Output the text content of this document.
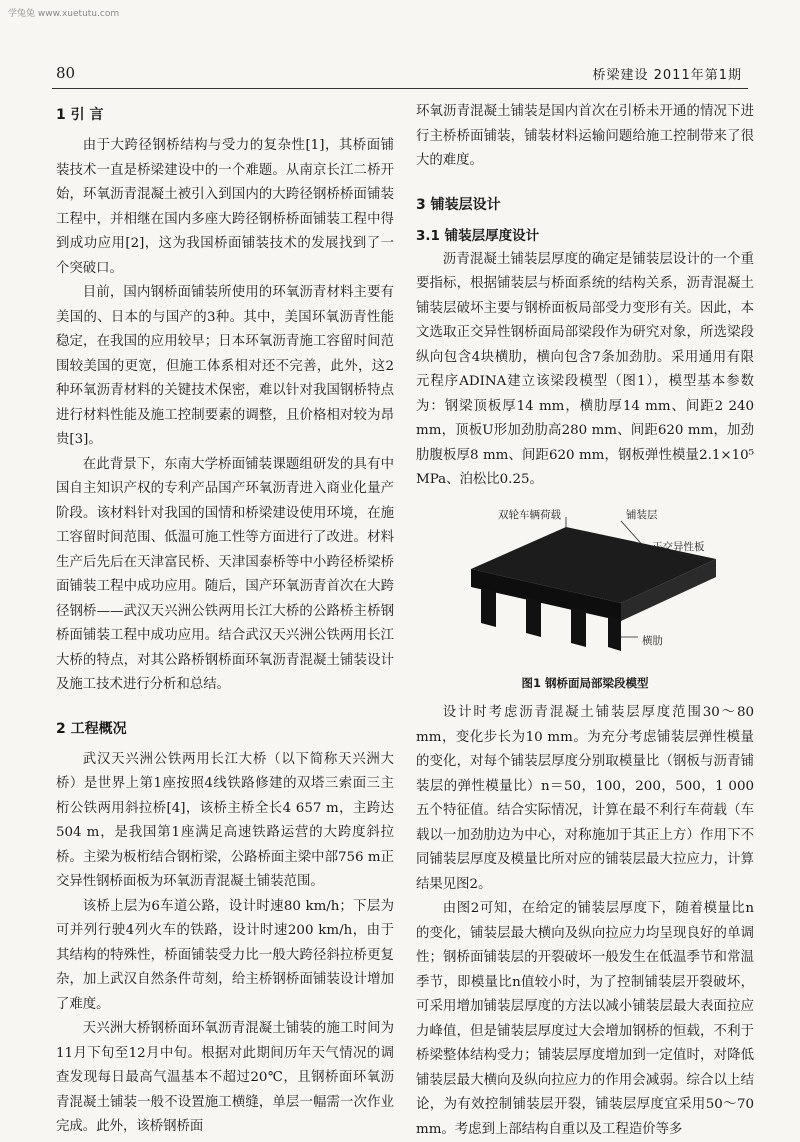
学兔兔 www.xuetutu.com
80	桥梁建设 2011年第1期
1 引 言

由于大跨径钢桥结构与受力的复杂性[1]，其桥面铺装技术一直是桥梁建设中的一个难题。从南京长江二桥开始，环氧沥青混凝土被引入到国内的大跨径钢桥桥面铺装工程中，并相继在国内多座大跨径钢桥桥面铺装工程中得到成功应用[2]，这为我国桥面铺装技术的发展找到了一个突破口。

目前，国内钢桥面铺装所使用的环氧沥青材料主要有美国的、日本的与国产的3种。其中，美国环氧沥青性能稳定，在我国的应用较早；日本环氧沥青施工容留时间范围较美国的更宽，但施工体系相对还不完善，此外，这2种环氧沥青材料的关键技术保密，难以针对我国钢桥特点进行材料性能及施工控制要素的调整，且价格相对较为昂贵[3]。

在此背景下，东南大学桥面铺装课题组研发的具有中国自主知识产权的专利产品国产环氧沥青进入商业化量产阶段。该材料针对我国的国情和桥梁建设使用环境，在施工容留时间范围、低温可施工性等方面进行了改进。材料生产后先后在天津富民桥、天津国泰桥等中小跨径桥梁桥面铺装工程中成功应用。随后，国产环氧沥青首次在大跨径钢桥——武汉天兴洲公铁两用长江大桥的公路桥主桥钢桥面铺装工程中成功应用。结合武汉天兴洲公铁两用长江大桥的特点，对其公路桥钢桥面环氧沥青混凝土铺装设计及施工技术进行分析和总结。

2 工程概况

武汉天兴洲公铁两用长江大桥（以下简称天兴洲大桥）是世界上第1座按照4线铁路修建的双塔三索面三主桁公铁两用斜拉桥[4]，该桥主桥全长4 657 m，主跨达504 m，是我国第1座满足高速铁路运营的大跨度斜拉桥。主梁为板桁结合钢桁梁，公路桥面主梁中部756 m正交异性钢桥面板为环氧沥青混凝土铺装范围。

该桥上层为6车道公路，设计时速80 km/h；下层为可并列行驶4列火车的铁路，设计时速200 km/h，由于其结构的特殊性，桥面铺装受力比一般大跨径斜拉桥更复杂，加上武汉自然条件苛刻，给主桥钢桥面铺装设计增加了难度。

天兴洲大桥钢桥面环氧沥青混凝土铺装的施工时间为11月下旬至12月中旬。根据对此期间历年天气情况的调查发现每日最高气温基本不超过20℃，且钢桥面环氧沥青混凝土铺装一般不设置施工横缝，单层一幅需一次作业完成。此外，该桥钢桥面

环氧沥青混凝土铺装是国内首次在引桥未开通的情况下进行主桥桥面铺装，铺装材料运输问题给施工控制带来了很大的难度。

3 铺装层设计
3.1 铺装层厚度设计

沥青混凝土铺装层厚度的确定是铺装层设计的一个重要指标，根据铺装层与桥面系统的结构关系，沥青混凝土铺装层破坏主要与钢桥面板局部受力变形有关。因此，本文选取正交异性钢桥面局部梁段作为研究对象，所选梁段纵向包含4块横肋，横向包含7条加劲肋。采用通用有限元程序ADINA建立该梁段模型（图1），模型基本参数为：钢梁顶板厚14 mm，横肋厚14 mm、间距2 240 mm，顶板U形加劲肋高280 mm、间距620 mm，加劲肋腹板厚8 mm、间距620 mm，钢板弹性模量2.1×10⁵ MPa、泊松比0.25。

双轮车辆荷载	铺装层
正交异性板
横肋

图1 钢桥面局部梁段模型

设计时考虑沥青混凝土铺装层厚度范围30～80 mm，变化步长为10 mm。为充分考虑铺装层弹性模量的变化，对每个铺装层厚度分别取模量比（钢板与沥青铺装层的弹性模量比）n＝50，100，200，500，1 000五个特征值。结合实际情况，计算在最不利行车荷载（车载以一加劲肋边为中心，对称施加于其正上方）作用下不同铺装层厚度及模量比所对应的铺装层最大拉应力，计算结果见图2。

由图2可知，在给定的铺装层厚度下，随着模量比n的变化，铺装层最大横向及纵向拉应力均呈现良好的单调性；钢桥面铺装层的开裂破坏一般发生在低温季节和常温季节，即模量比n值较小时，为了控制铺装层开裂破坏，可采用增加铺装层厚度的方法以减小铺装层最大表面拉应力峰值，但是铺装层厚度过大会增加钢桥的恒载，不利于桥梁整体结构受力；铺装层厚度增加到一定值时，对降低铺装层最大横向及纵向拉应力的作用会减弱。综合以上结论，为有效控制铺装层开裂，铺装层厚度宜采用50～70 mm。考虑到上部结构自重以及工程造价等多
